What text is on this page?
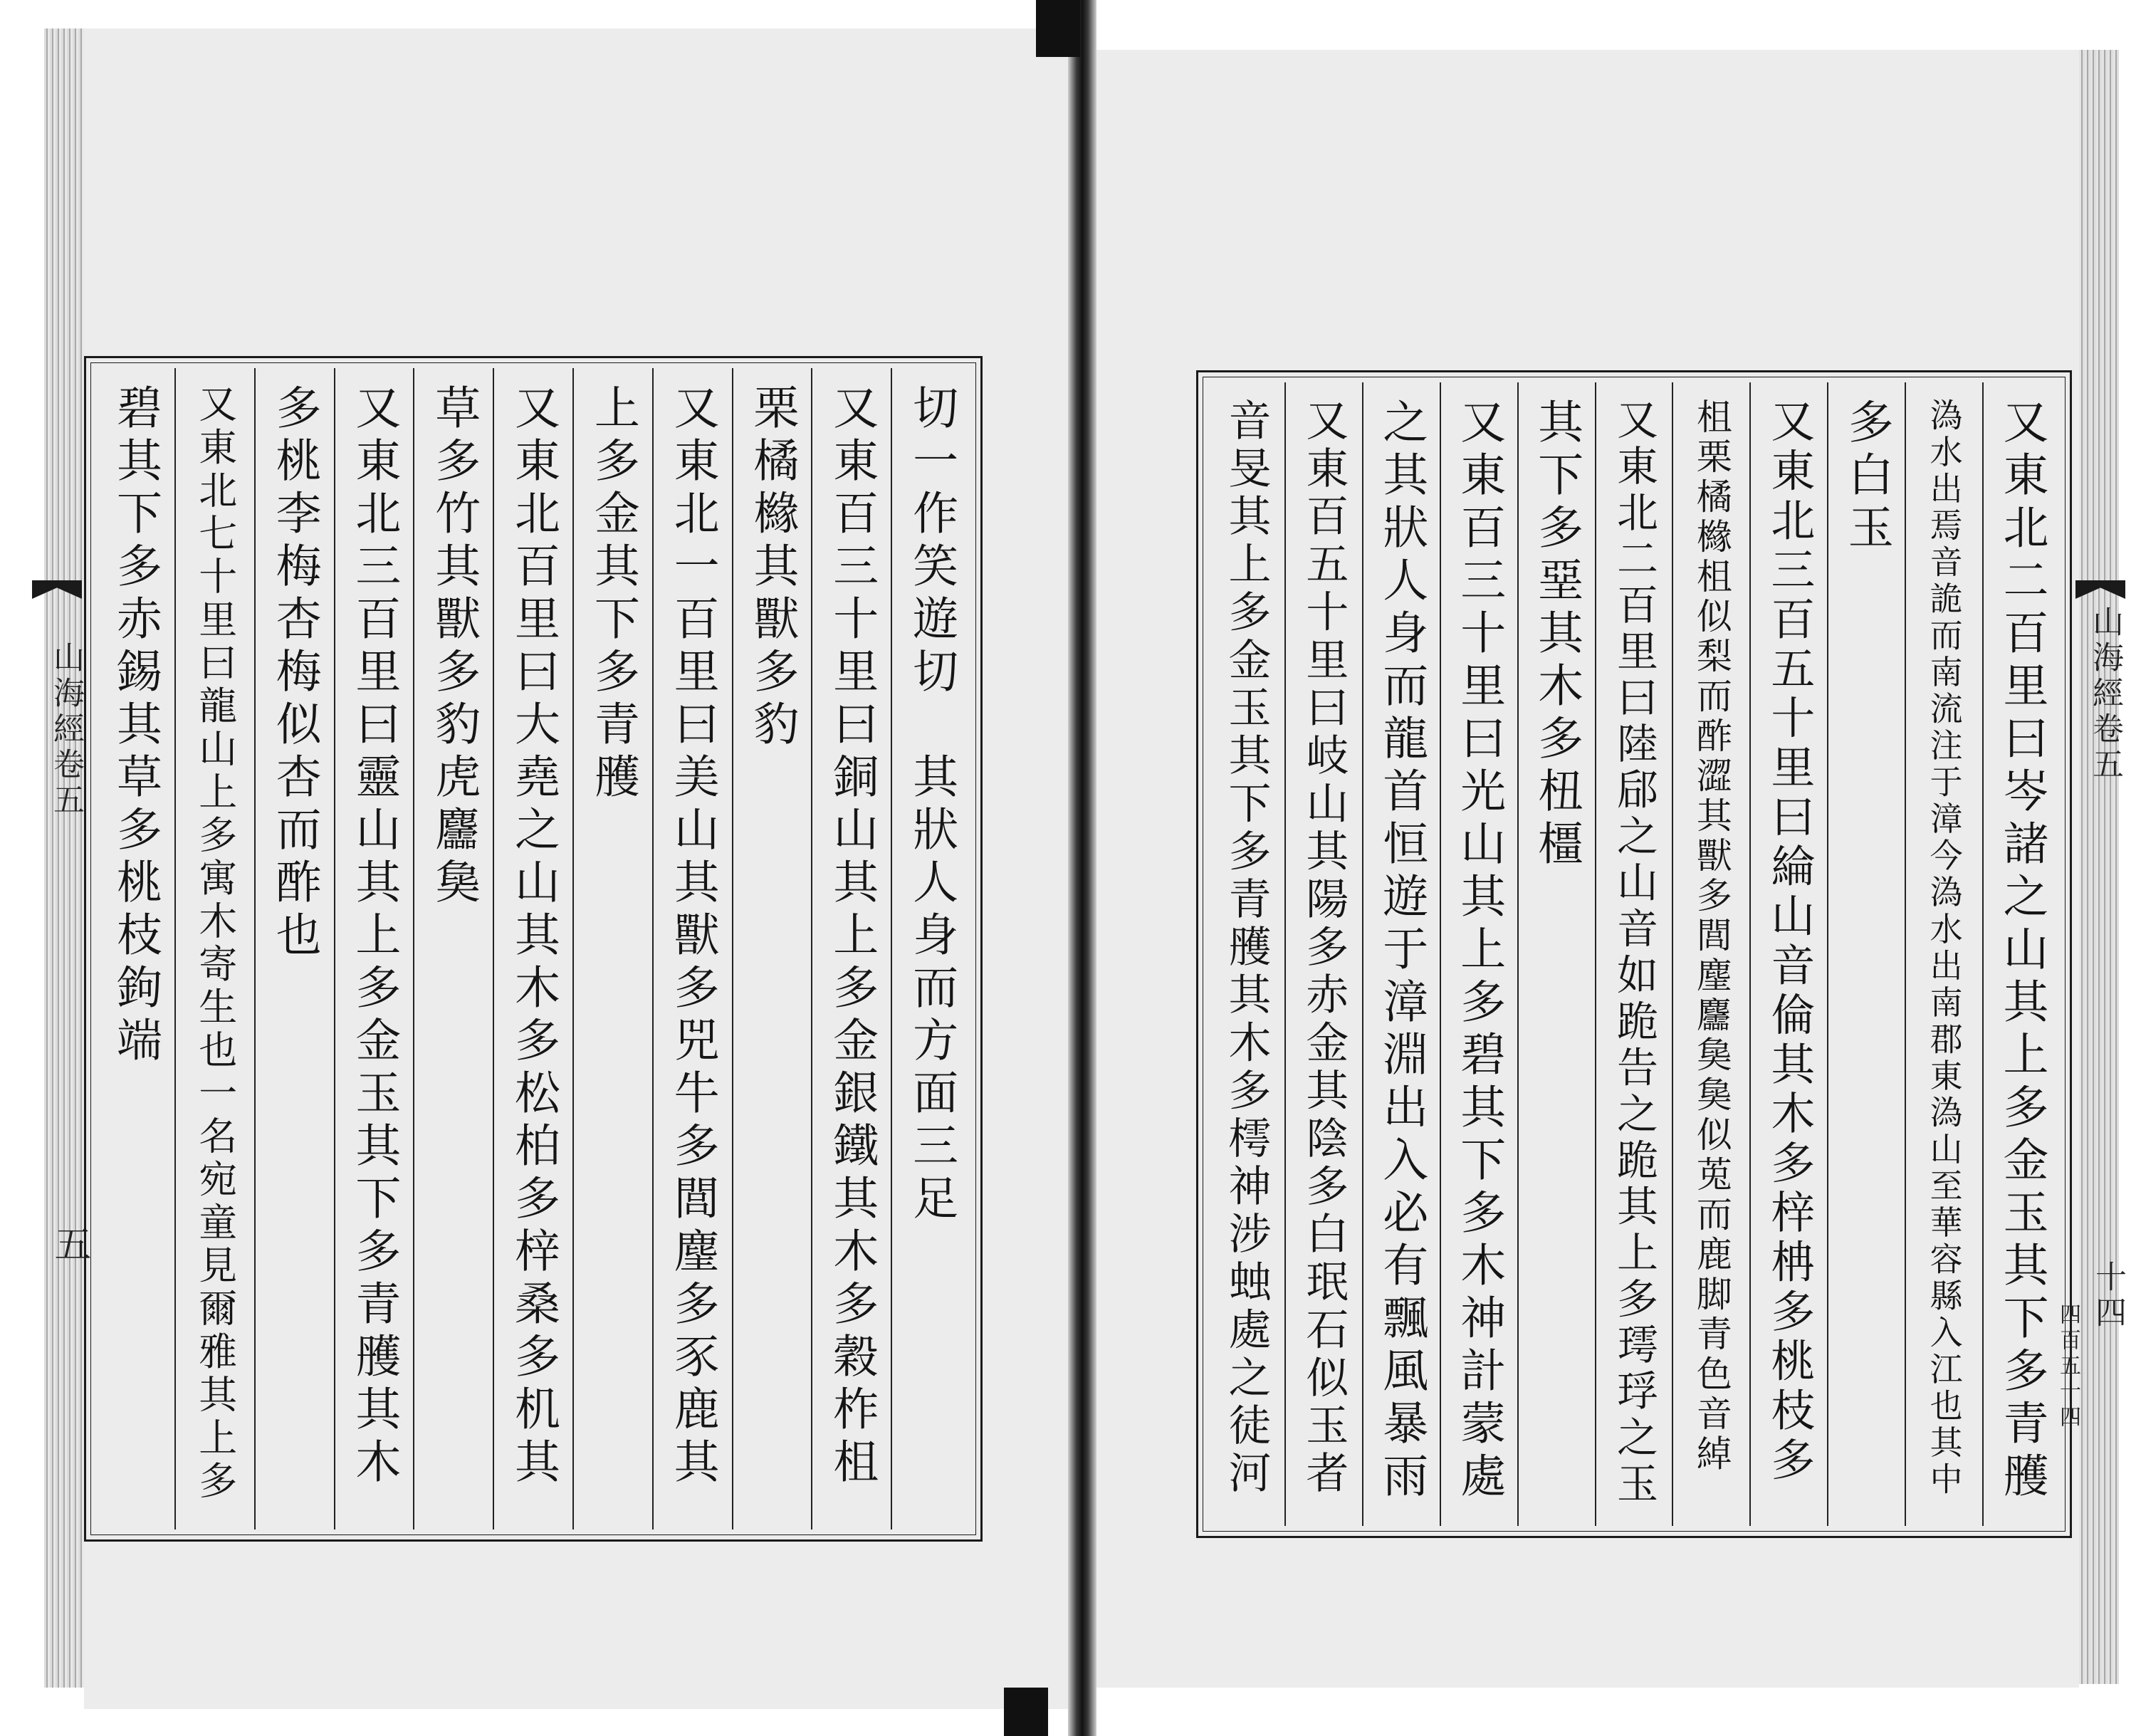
山海經卷五
五
切一作笑遊切　其狀人身而方面三足
又東百三十里曰銅山其上多金銀鐵其木多穀柞柤
栗橘櫞其獸多豹
又東北一百里曰美山其獸多兕牛多閭麈多豕鹿其
上多金其下多青雘
又東北百里曰大堯之山其木多松柏多梓桑多机其
草多竹其獸多豹虎麢㚟
又東北三百里曰靈山其上多金玉其下多青雘其木
多桃李梅杏梅似杏而酢也
又東北七十里曰龍山上多寓木寄生也一名宛童見爾雅其上多
碧其下多赤錫其草多桃枝鉤端	山海經卷五
十四
四百五十四
又東北二百里曰岑諸之山其上多金玉其下多青雘
溈水出焉音詭而南流注于漳今溈水出南郡東溈山至華容縣入江也其中
多白玉
又東北三百五十里曰綸山音倫其木多梓柟多桃枝多
柤栗橘櫞柤似梨而酢澀其獸多閭麈麢㚟㚟似莵而鹿脚青色音綽
又東北二百里曰陸郈之山音如跪告之跪其上多㻬琈之玉
其下多堊其木多杻橿
又東百三十里曰光山其上多碧其下多木神計蒙處
之其狀人身而龍首恒遊于漳淵出入必有飄風暴雨
又東百五十里曰岐山其陽多赤金其陰多白珉石似玉者
音旻其上多金玉其下多青雘其木多樗神涉䖵處之徒河
